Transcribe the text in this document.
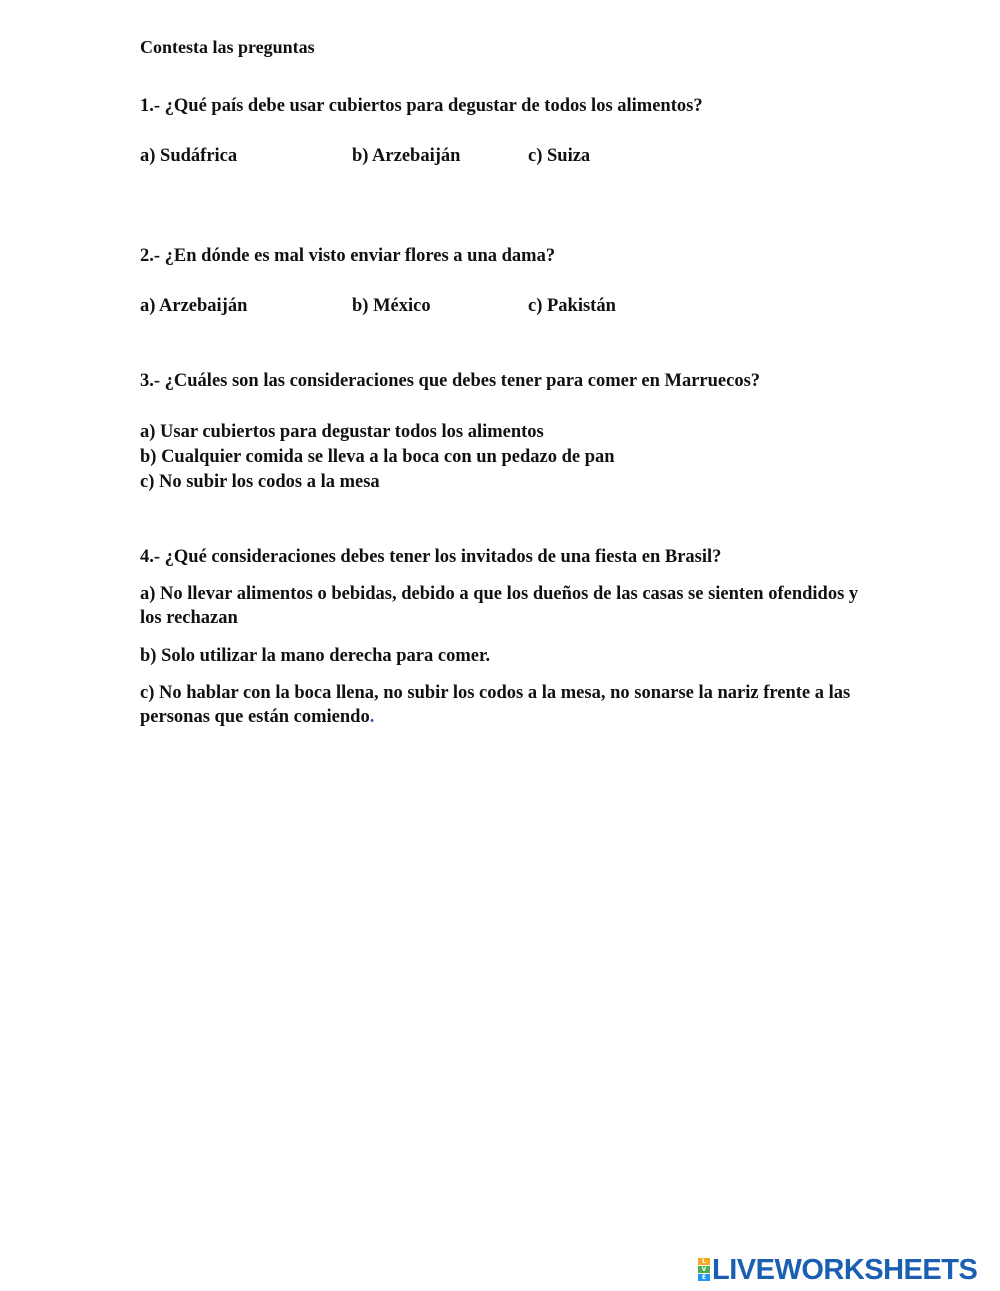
Contesta las preguntas
1.- ¿Qué país debe usar cubiertos para degustar de todos los alimentos?
a) Sudáfrica	b) Arzebaiján	c) Suiza
2.- ¿En dónde es mal visto enviar flores a una dama?
a) Arzebaiján	b) México	c) Pakistán
3.- ¿Cuáles son las consideraciones que debes tener para comer en Marruecos?
a) Usar cubiertos para degustar todos los alimentos
b) Cualquier comida se lleva a la boca con un pedazo de pan
c) No subir los codos a la mesa
4.- ¿Qué consideraciones debes tener los invitados de una fiesta en Brasil?
a) No llevar alimentos o bebidas, debido a que los dueños de las casas se sienten ofendidos y los rechazan
b) Solo utilizar la mano derecha para comer.
c) No hablar con la boca llena, no subir los codos a la mesa, no sonarse la nariz frente a las personas que están comiendo.
L
V
E LIVEWORKSHEETS
